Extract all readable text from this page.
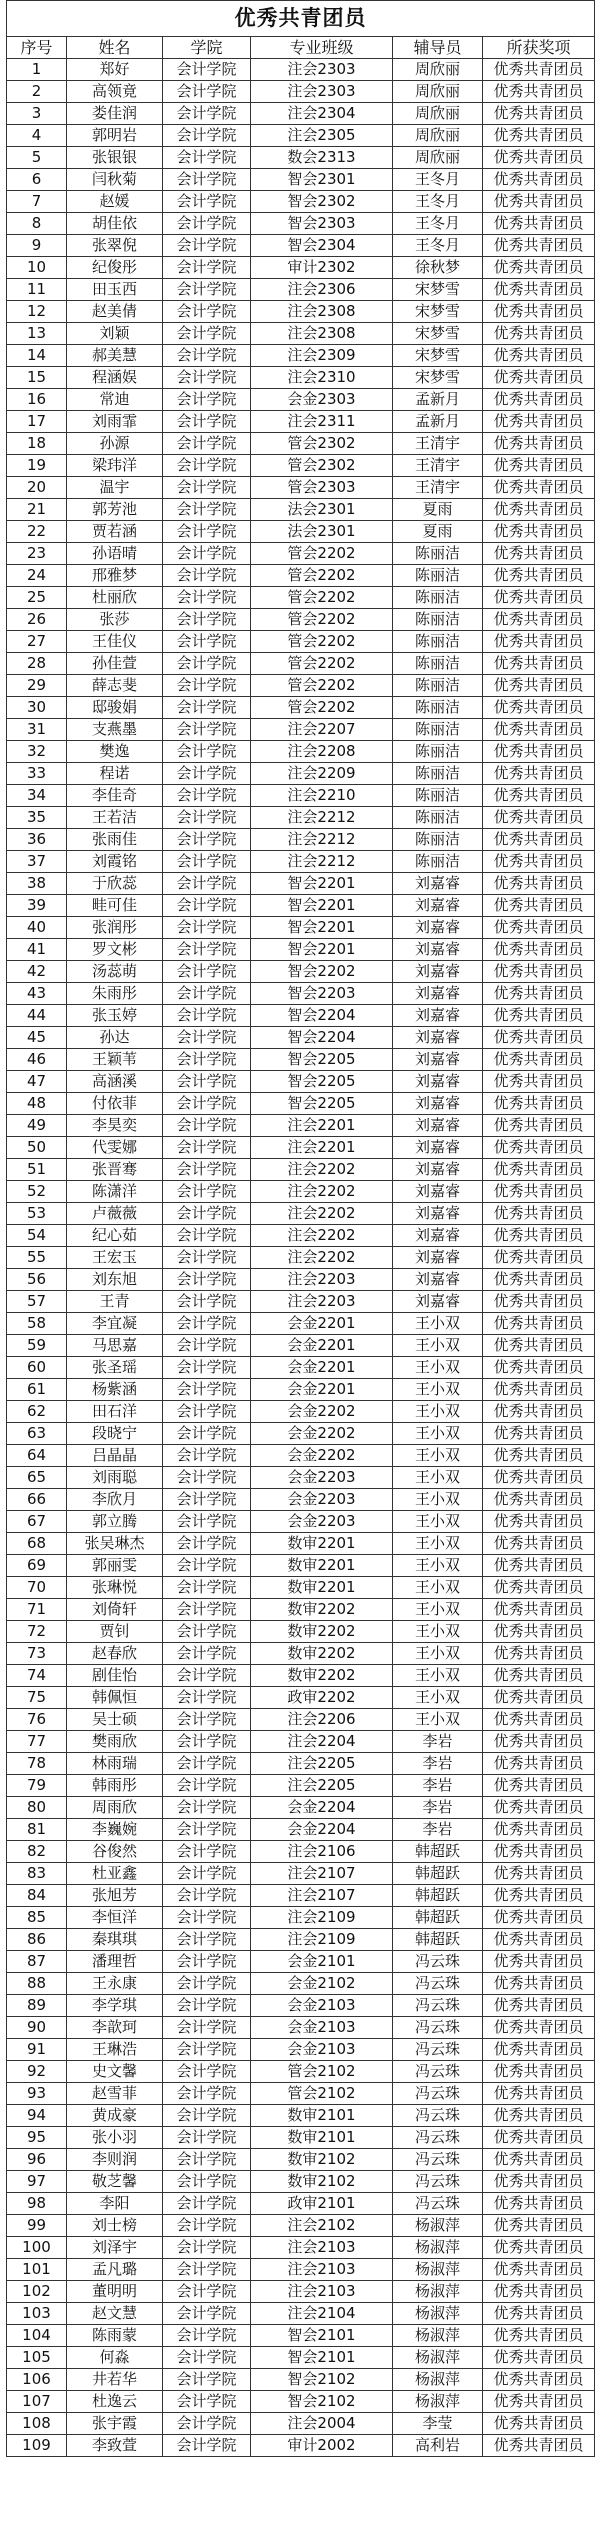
优秀共青团员					
序号	姓名	学院	专业班级	辅导员	所获奖项
1	郑好	会计学院	注会2303	周欣丽	优秀共青团员
2	高领竟	会计学院	注会2303	周欣丽	优秀共青团员
3	娄佳润	会计学院	注会2304	周欣丽	优秀共青团员
4	郭明岩	会计学院	注会2305	周欣丽	优秀共青团员
5	张银银	会计学院	数会2313	周欣丽	优秀共青团员
6	闫秋菊	会计学院	智会2301	王冬月	优秀共青团员
7	赵媛	会计学院	智会2302	王冬月	优秀共青团员
8	胡佳依	会计学院	智会2303	王冬月	优秀共青团员
9	张翠倪	会计学院	智会2304	王冬月	优秀共青团员
10	纪俊彤	会计学院	审计2302	徐秋梦	优秀共青团员
11	田玉西	会计学院	注会2306	宋梦雪	优秀共青团员
12	赵美倩	会计学院	注会2308	宋梦雪	优秀共青团员
13	刘颖	会计学院	注会2308	宋梦雪	优秀共青团员
14	郝美慧	会计学院	注会2309	宋梦雪	优秀共青团员
15	程涵娱	会计学院	注会2310	宋梦雪	优秀共青团员
16	常迪	会计学院	会金2303	孟新月	优秀共青团员
17	刘雨霏	会计学院	注会2311	孟新月	优秀共青团员
18	孙源	会计学院	管会2302	王清宇	优秀共青团员
19	梁玮洋	会计学院	管会2302	王清宇	优秀共青团员
20	温宇	会计学院	管会2303	王清宇	优秀共青团员
21	郭芳池	会计学院	法会2301	夏雨	优秀共青团员
22	贾若涵	会计学院	法会2301	夏雨	优秀共青团员
23	孙语晴	会计学院	管会2202	陈丽洁	优秀共青团员
24	邢雅梦	会计学院	管会2202	陈丽洁	优秀共青团员
25	杜丽欣	会计学院	管会2202	陈丽洁	优秀共青团员
26	张莎	会计学院	管会2202	陈丽洁	优秀共青团员
27	王佳仪	会计学院	管会2202	陈丽洁	优秀共青团员
28	孙佳萱	会计学院	管会2202	陈丽洁	优秀共青团员
29	薛志斐	会计学院	管会2202	陈丽洁	优秀共青团员
30	邸骏娟	会计学院	管会2202	陈丽洁	优秀共青团员
31	支燕墨	会计学院	注会2207	陈丽洁	优秀共青团员
32	樊逸	会计学院	注会2208	陈丽洁	优秀共青团员
33	程诺	会计学院	注会2209	陈丽洁	优秀共青团员
34	李佳奇	会计学院	注会2210	陈丽洁	优秀共青团员
35	王若洁	会计学院	注会2212	陈丽洁	优秀共青团员
36	张雨佳	会计学院	注会2212	陈丽洁	优秀共青团员
37	刘霞铭	会计学院	注会2212	陈丽洁	优秀共青团员
38	于欣蕊	会计学院	智会2201	刘嘉睿	优秀共青团员
39	畦可佳	会计学院	智会2201	刘嘉睿	优秀共青团员
40	张润彤	会计学院	智会2201	刘嘉睿	优秀共青团员
41	罗文彬	会计学院	智会2201	刘嘉睿	优秀共青团员
42	汤蕊萌	会计学院	智会2202	刘嘉睿	优秀共青团员
43	朱雨彤	会计学院	智会2203	刘嘉睿	优秀共青团员
44	张玉婷	会计学院	智会2204	刘嘉睿	优秀共青团员
45	孙达	会计学院	智会2204	刘嘉睿	优秀共青团员
46	王颖苇	会计学院	智会2205	刘嘉睿	优秀共青团员
47	高涵溪	会计学院	智会2205	刘嘉睿	优秀共青团员
48	付依菲	会计学院	智会2205	刘嘉睿	优秀共青团员
49	李昊奕	会计学院	注会2201	刘嘉睿	优秀共青团员
50	代雯娜	会计学院	注会2201	刘嘉睿	优秀共青团员
51	张晋骞	会计学院	注会2202	刘嘉睿	优秀共青团员
52	陈潇洋	会计学院	注会2202	刘嘉睿	优秀共青团员
53	卢薇薇	会计学院	注会2202	刘嘉睿	优秀共青团员
54	纪心茹	会计学院	注会2202	刘嘉睿	优秀共青团员
55	王宏玉	会计学院	注会2202	刘嘉睿	优秀共青团员
56	刘东旭	会计学院	注会2203	刘嘉睿	优秀共青团员
57	王青	会计学院	注会2203	刘嘉睿	优秀共青团员
58	李宜凝	会计学院	会金2201	王小双	优秀共青团员
59	马思嘉	会计学院	会金2201	王小双	优秀共青团员
60	张圣瑶	会计学院	会金2201	王小双	优秀共青团员
61	杨紫涵	会计学院	会金2201	王小双	优秀共青团员
62	田石洋	会计学院	会金2202	王小双	优秀共青团员
63	段晓宁	会计学院	会金2202	王小双	优秀共青团员
64	吕晶晶	会计学院	会金2202	王小双	优秀共青团员
65	刘雨聪	会计学院	会金2203	王小双	优秀共青团员
66	李欣月	会计学院	会金2203	王小双	优秀共青团员
67	郭立腾	会计学院	会金2203	王小双	优秀共青团员
68	张吴琳杰	会计学院	数审2201	王小双	优秀共青团员
69	郭丽雯	会计学院	数审2201	王小双	优秀共青团员
70	张琳悦	会计学院	数审2201	王小双	优秀共青团员
71	刘倚轩	会计学院	数审2202	王小双	优秀共青团员
72	贾钊	会计学院	数审2202	王小双	优秀共青团员
73	赵春欣	会计学院	数审2202	王小双	优秀共青团员
74	剧佳怡	会计学院	数审2202	王小双	优秀共青团员
75	韩佩恒	会计学院	政审2202	王小双	优秀共青团员
76	吴士硕	会计学院	注会2206	王小双	优秀共青团员
77	樊雨欣	会计学院	注会2204	李岩	优秀共青团员
78	林雨瑞	会计学院	注会2205	李岩	优秀共青团员
79	韩雨彤	会计学院	注会2205	李岩	优秀共青团员
80	周雨欣	会计学院	会金2204	李岩	优秀共青团员
81	李巍婉	会计学院	会金2204	李岩	优秀共青团员
82	谷俊然	会计学院	注会2106	韩超跃	优秀共青团员
83	杜亚鑫	会计学院	注会2107	韩超跃	优秀共青团员
84	张旭芳	会计学院	注会2107	韩超跃	优秀共青团员
85	李恒洋	会计学院	注会2109	韩超跃	优秀共青团员
86	秦琪琪	会计学院	注会2109	韩超跃	优秀共青团员
87	潘理哲	会计学院	会金2101	冯云珠	优秀共青团员
88	王永康	会计学院	会金2102	冯云珠	优秀共青团员
89	李学琪	会计学院	会金2103	冯云珠	优秀共青团员
90	李歆珂	会计学院	会金2103	冯云珠	优秀共青团员
91	王琳浩	会计学院	会金2103	冯云珠	优秀共青团员
92	史文馨	会计学院	管会2102	冯云珠	优秀共青团员
93	赵雪菲	会计学院	管会2102	冯云珠	优秀共青团员
94	黄成豪	会计学院	数审2101	冯云珠	优秀共青团员
95	张小羽	会计学院	数审2101	冯云珠	优秀共青团员
96	李则润	会计学院	数审2102	冯云珠	优秀共青团员
97	敬芝馨	会计学院	数审2102	冯云珠	优秀共青团员
98	李阳	会计学院	政审2101	冯云珠	优秀共青团员
99	刘士榜	会计学院	注会2102	杨淑萍	优秀共青团员
100	刘泽宇	会计学院	注会2103	杨淑萍	优秀共青团员
101	孟凡璐	会计学院	注会2103	杨淑萍	优秀共青团员
102	董明明	会计学院	注会2103	杨淑萍	优秀共青团员
103	赵文慧	会计学院	注会2104	杨淑萍	优秀共青团员
104	陈雨蒙	会计学院	智会2101	杨淑萍	优秀共青团员
105	何淼	会计学院	智会2101	杨淑萍	优秀共青团员
106	井若华	会计学院	智会2102	杨淑萍	优秀共青团员
107	杜逸云	会计学院	智会2102	杨淑萍	优秀共青团员
108	张宇霞	会计学院	注会2004	李莹	优秀共青团员
109	李致萱	会计学院	审计2002	高利岩	优秀共青团员
